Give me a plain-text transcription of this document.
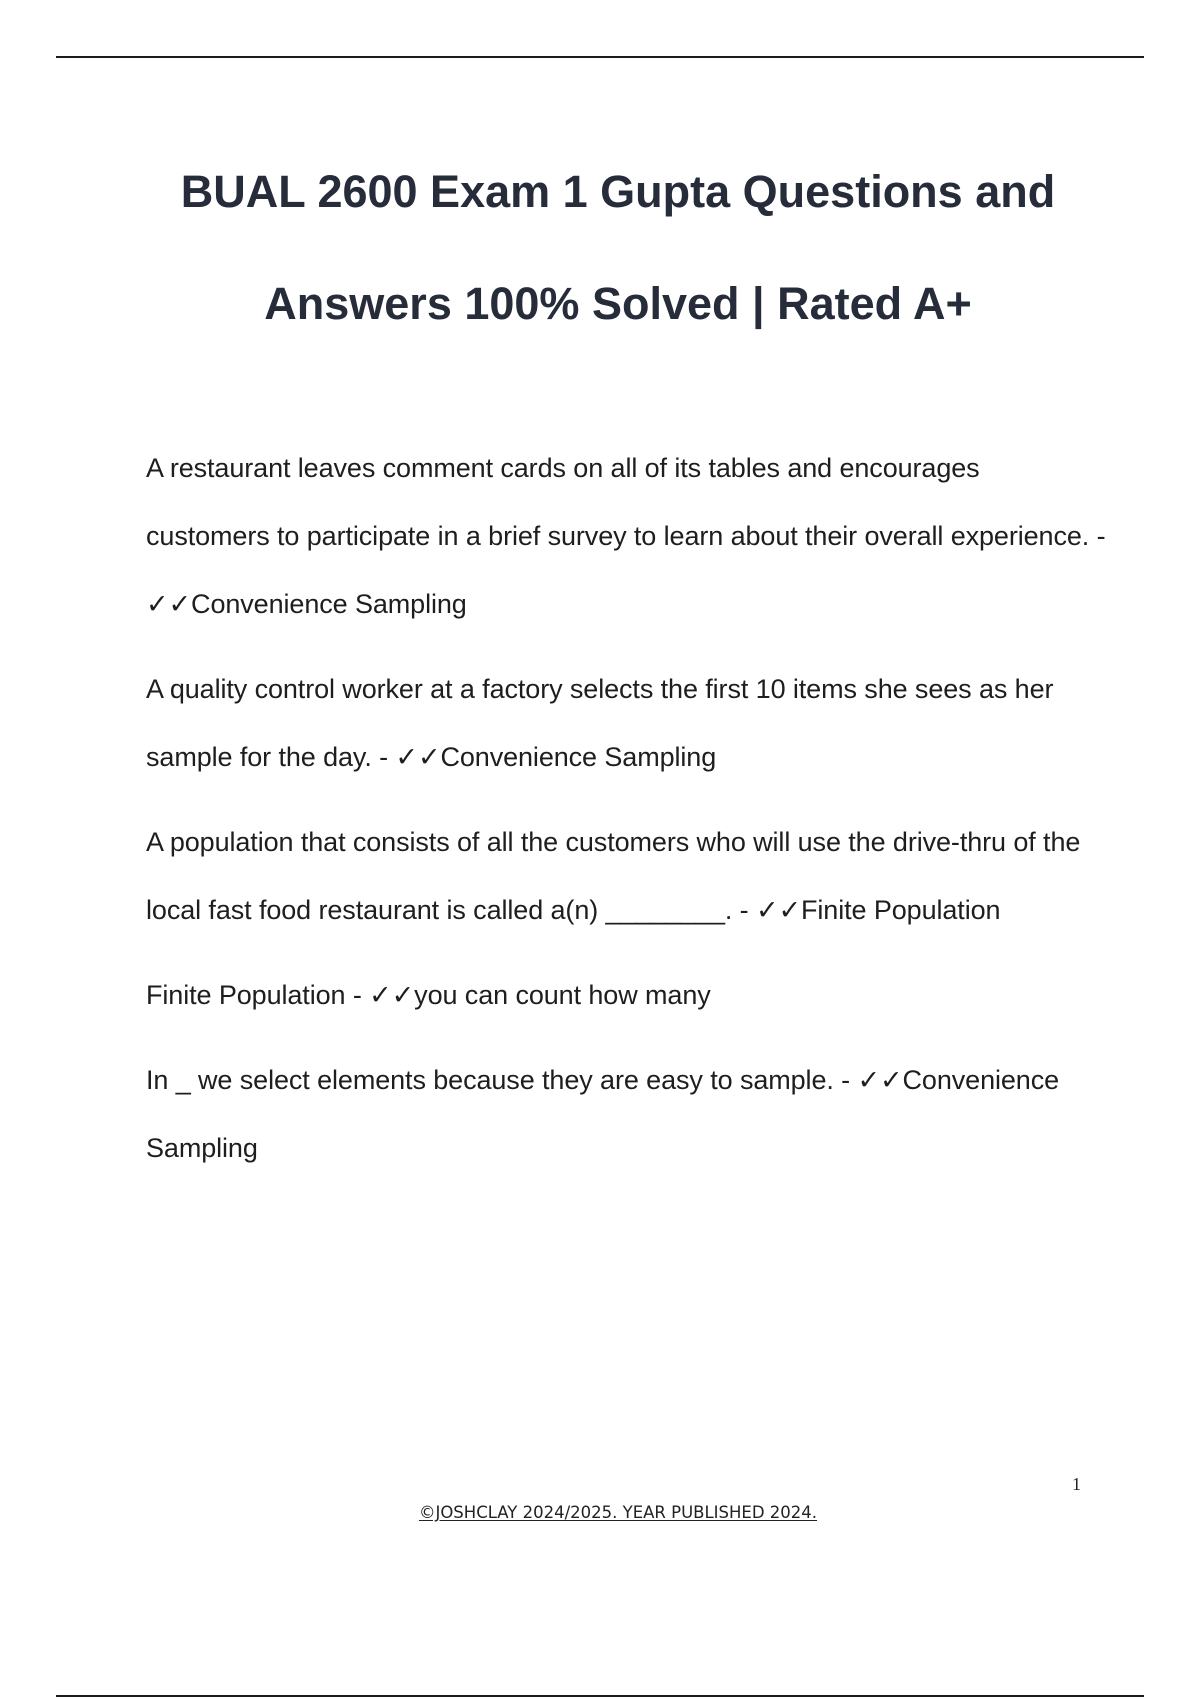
BUAL 2600 Exam 1 Gupta Questions and
Answers 100% Solved | Rated A+

A restaurant leaves comment cards on all of its tables and encourages customers to participate in a brief survey to learn about their overall experience. - ✓✓Convenience Sampling

A quality control worker at a factory selects the first 10 items she sees as her sample for the day. - ✓✓Convenience Sampling

A population that consists of all the customers who will use the drive-thru of the local fast food restaurant is called a(n) ________. - ✓✓Finite Population

Finite Population - ✓✓you can count how many

In _ we select elements because they are easy to sample. - ✓✓Convenience Sampling

1
©JOSHCLAY 2024/2025. YEAR PUBLISHED 2024.
